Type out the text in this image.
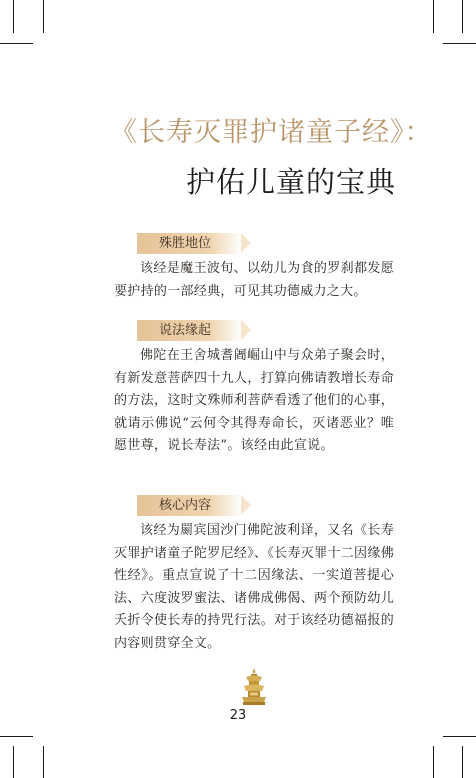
《长寿灭罪护诸童子经》：
护佑儿童的宝典
殊胜地位

该经是魔王波旬、以幼儿为食的罗刹都发愿要护持的一部经典，可见其功德威力之大。

说法缘起

佛陀在王舍城耆阇崛山中与众弟子聚会时，有新发意菩萨四十九人，打算向佛请教增长寿命的方法，这时文殊师利菩萨看透了他们的心事，就请示佛说“云何令其得寿命长，灭诸恶业？唯愿世尊，说长寿法”。该经由此宣说。

核心内容

该经为罽宾国沙门佛陀波利译，又名《长寿灭罪护诸童子陀罗尼经》、《长寿灭罪十二因缘佛性经》。重点宣说了十二因缘法、一实道菩提心法、六度波罗蜜法、诸佛成佛偈、两个预防幼儿夭折令使长寿的持咒行法。对于该经功德福报的内容则贯穿全文。

23
